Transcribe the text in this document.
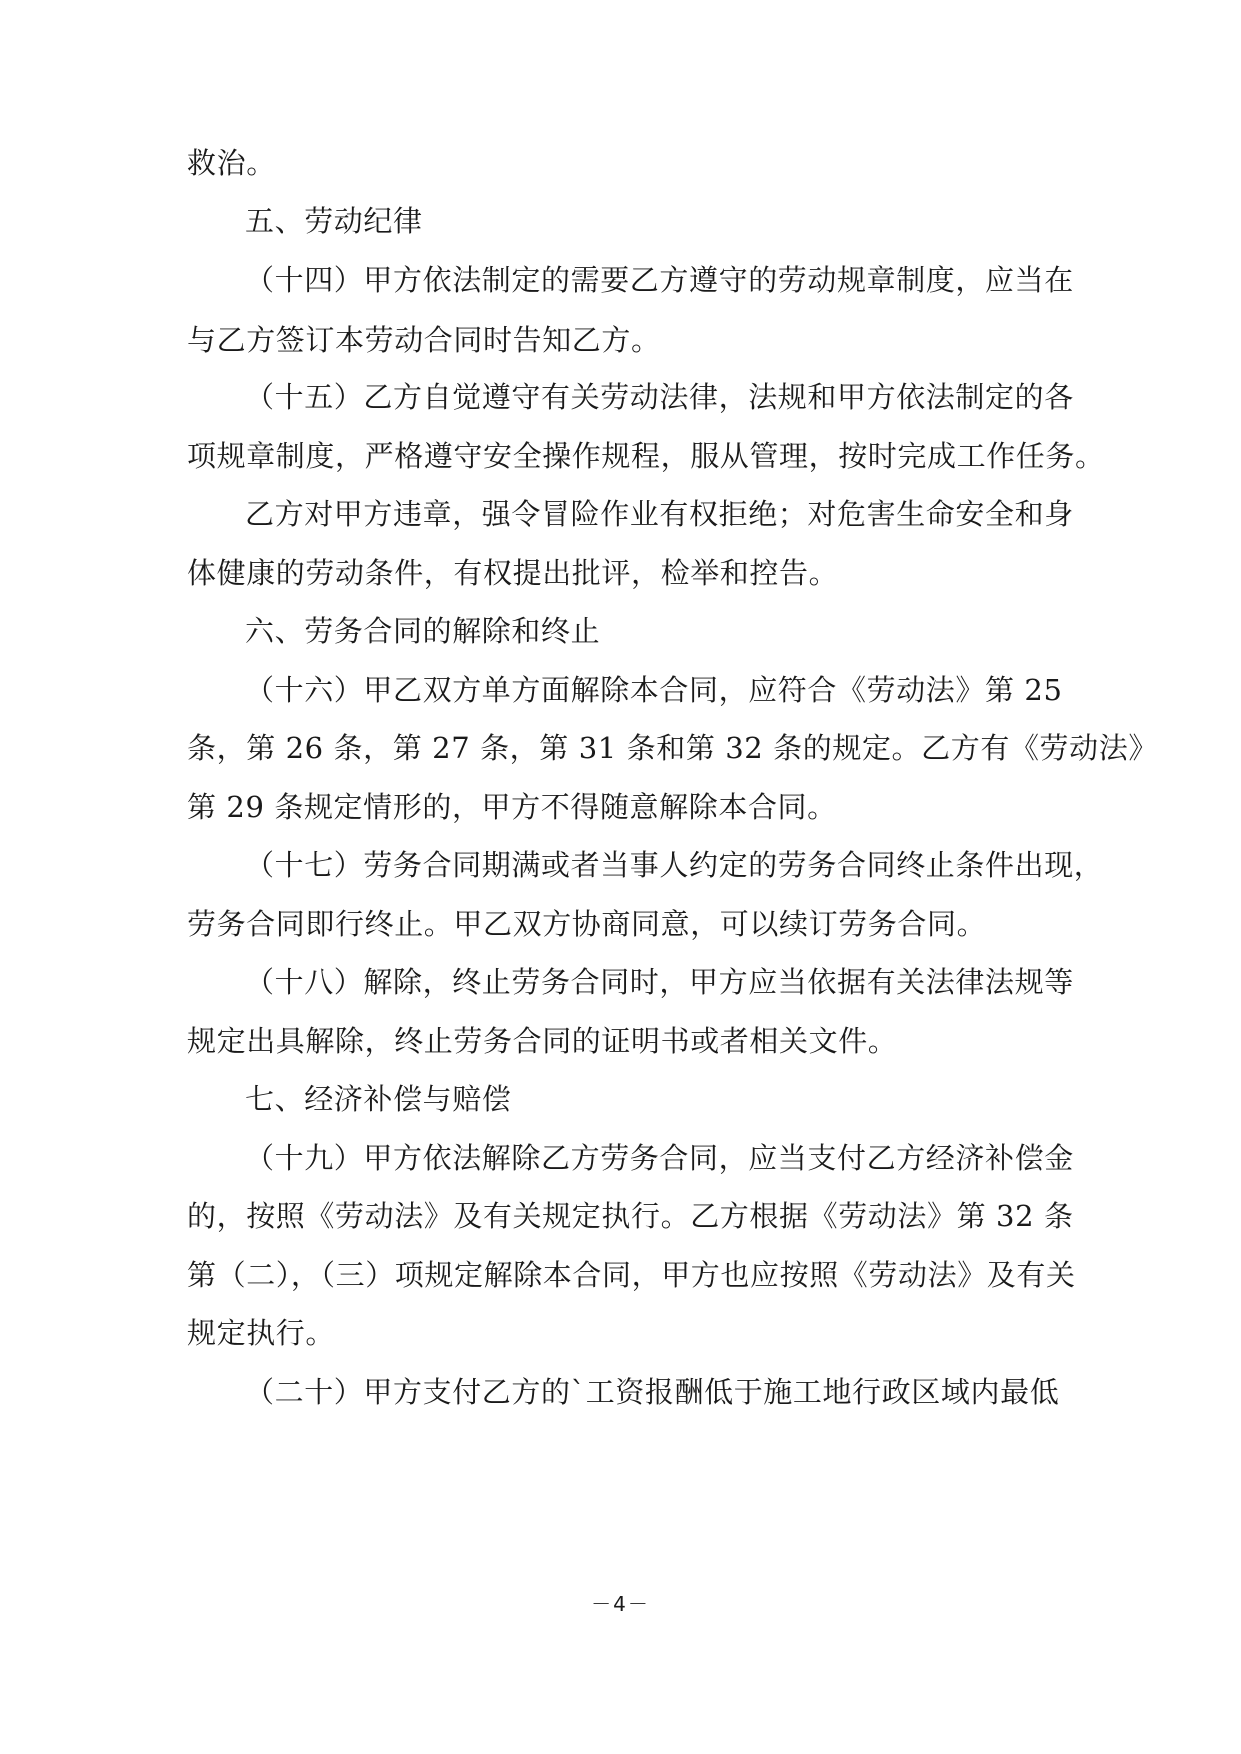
救治。
五、劳动纪律
（十四）甲方依法制定的需要乙方遵守的劳动规章制度，应当在
与乙方签订本劳动合同时告知乙方。
（十五）乙方自觉遵守有关劳动法律，法规和甲方依法制定的各
项规章制度，严格遵守安全操作规程，服从管理，按时完成工作任务。
乙方对甲方违章，强令冒险作业有权拒绝；对危害生命安全和身
体健康的劳动条件，有权提出批评，检举和控告。
六、劳务合同的解除和终止
（十六）甲乙双方单方面解除本合同，应符合《劳动法》第 25
条，第 26 条，第 27 条，第 31 条和第 32 条的规定。乙方有《劳动法》
第 29 条规定情形的，甲方不得随意解除本合同。
（十七）劳务合同期满或者当事人约定的劳务合同终止条件出现，
劳务合同即行终止。甲乙双方协商同意，可以续订劳务合同。
（十八）解除，终止劳务合同时，甲方应当依据有关法律法规等
规定出具解除，终止劳务合同的证明书或者相关文件。
七、经济补偿与赔偿
（十九）甲方依法解除乙方劳务合同，应当支付乙方经济补偿金
的，按照《劳动法》及有关规定执行。乙方根据《劳动法》第 32 条
第（二），（三）项规定解除本合同，甲方也应按照《劳动法》及有关
规定执行。
（二十）甲方支付乙方的`工资报酬低于施工地行政区域内最低
－4－
